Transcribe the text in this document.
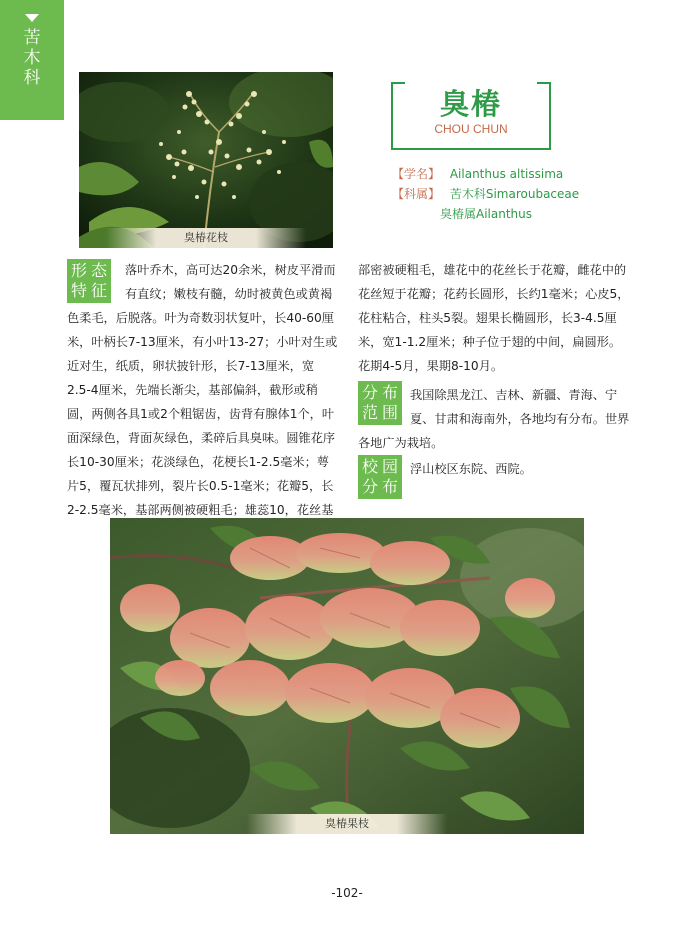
苦木科
臭椿花枝
臭椿
CHOU CHUN
【学名】 Ailanthus altissima
【科属】 苦木科Simaroubaceae
臭椿属Ailanthus
形 态
特 征
落叶乔木，高可达20余米，树皮平滑而
有直纹；嫩枝有髓，幼时被黄色或黄褐
色柔毛，后脱落。叶为奇数羽状复叶，长40-60厘
米，叶柄长7-13厘米，有小叶13-27；小叶对生或
近对生，纸质，卵状披针形，长7-13厘米，宽
2.5-4厘米，先端长渐尖，基部偏斜，截形或稍
圆，两侧各具1或2个粗锯齿，齿背有腺体1个，叶
面深绿色，背面灰绿色，柔碎后具臭味。圆锥花序
长10-30厘米；花淡绿色，花梗长1-2.5毫米；萼
片5，覆瓦状排列，裂片长0.5-1毫米；花瓣5，长
2-2.5毫米，基部两侧被硬粗毛；雄蕊10，花丝基
部密被硬粗毛，雄花中的花丝长于花瓣，雌花中的
花丝短于花瓣；花药长圆形，长约1毫米；心皮5，
花柱粘合，柱头5裂。翅果长椭圆形，长3-4.5厘
米，宽1-1.2厘米；种子位于翅的中间，扁圆形。
花期4-5月，果期8-10月。
分 布
范 围
我国除黑龙江、吉林、新疆、青海、宁
夏、甘肃和海南外，各地均有分布。世界
各地广为栽培。
校 园
分 布
浮山校区东院、西院。
臭椿果枝
-102-
